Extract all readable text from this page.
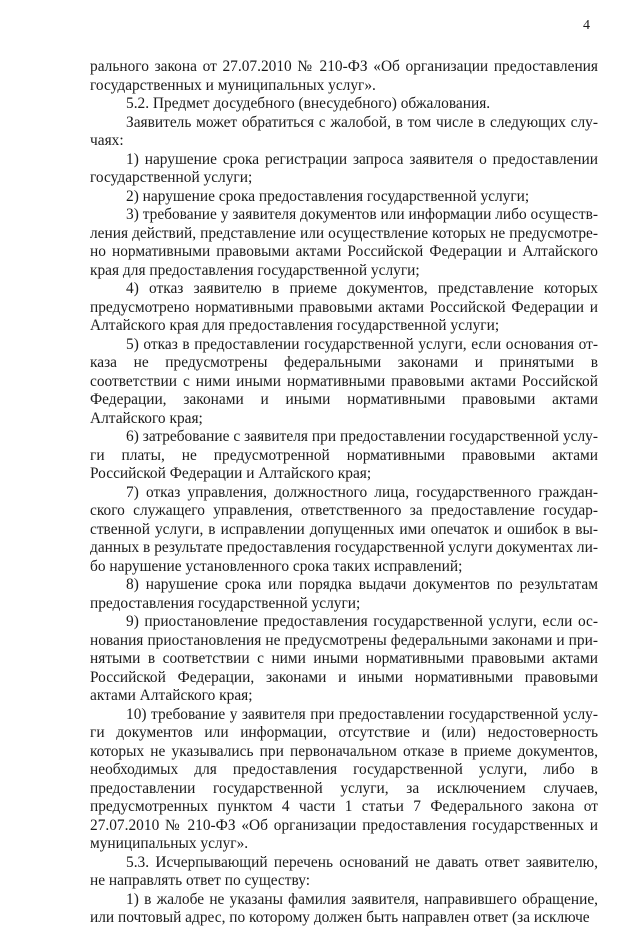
4

рального закона от 27.07.2010 № 210-ФЗ «Об организации предоставления государственных и муниципальных услуг».

5.2. Предмет досудебного (внесудебного) обжалования.

Заявитель может обратиться с жалобой, в том числе в следующих случаях:

1) нарушение срока регистрации запроса заявителя о предоставлении государственной услуги;

2) нарушение срока предоставления государственной услуги;

3) требование у заявителя документов или информации либо осуществления действий, представление или осуществление которых не предусмотрено нормативными правовыми актами Российской Федерации и Алтайского края для предоставления государственной услуги;

4) отказ заявителю в приеме документов, представление которых предусмотрено нормативными правовыми актами Российской Федерации и Алтайского края для предоставления государственной услуги;

5) отказ в предоставлении государственной услуги, если основания отказа не предусмотрены федеральными законами и принятыми в соответствии с ними иными нормативными правовыми актами Российской Федерации, законами и иными нормативными правовыми актами Алтайского края;

6) затребование с заявителя при предоставлении государственной услуги платы, не предусмотренной нормативными правовыми актами Российской Федерации и Алтайского края;

7) отказ управления, должностного лица, государственного гражданского служащего управления, ответственного за предоставление государственной услуги, в исправлении допущенных ими опечаток и ошибок в выданных в результате предоставления государственной услуги документах либо нарушение установленного срока таких исправлений;

8) нарушение срока или порядка выдачи документов по результатам предоставления государственной услуги;

9) приостановление предоставления государственной услуги, если основания приостановления не предусмотрены федеральными законами и принятыми в соответствии с ними иными нормативными правовыми актами Российской Федерации, законами и иными нормативными правовыми актами Алтайского края;

10) требование у заявителя при предоставлении государственной услуги документов или информации, отсутствие и (или) недостоверность которых не указывались при первоначальном отказе в приеме документов, необходимых для предоставления государственной услуги, либо в предоставлении государственной услуги, за исключением случаев, предусмотренных пунктом 4 части 1 статьи 7 Федерального закона от 27.07.2010 № 210-ФЗ «Об организации предоставления государственных и муниципальных услуг».

5.3. Исчерпывающий перечень оснований не давать ответ заявителю, не направлять ответ по существу:

1) в жалобе не указаны фамилия заявителя, направившего обращение, или почтовый адрес, по которому должен быть направлен ответ (за исключе
